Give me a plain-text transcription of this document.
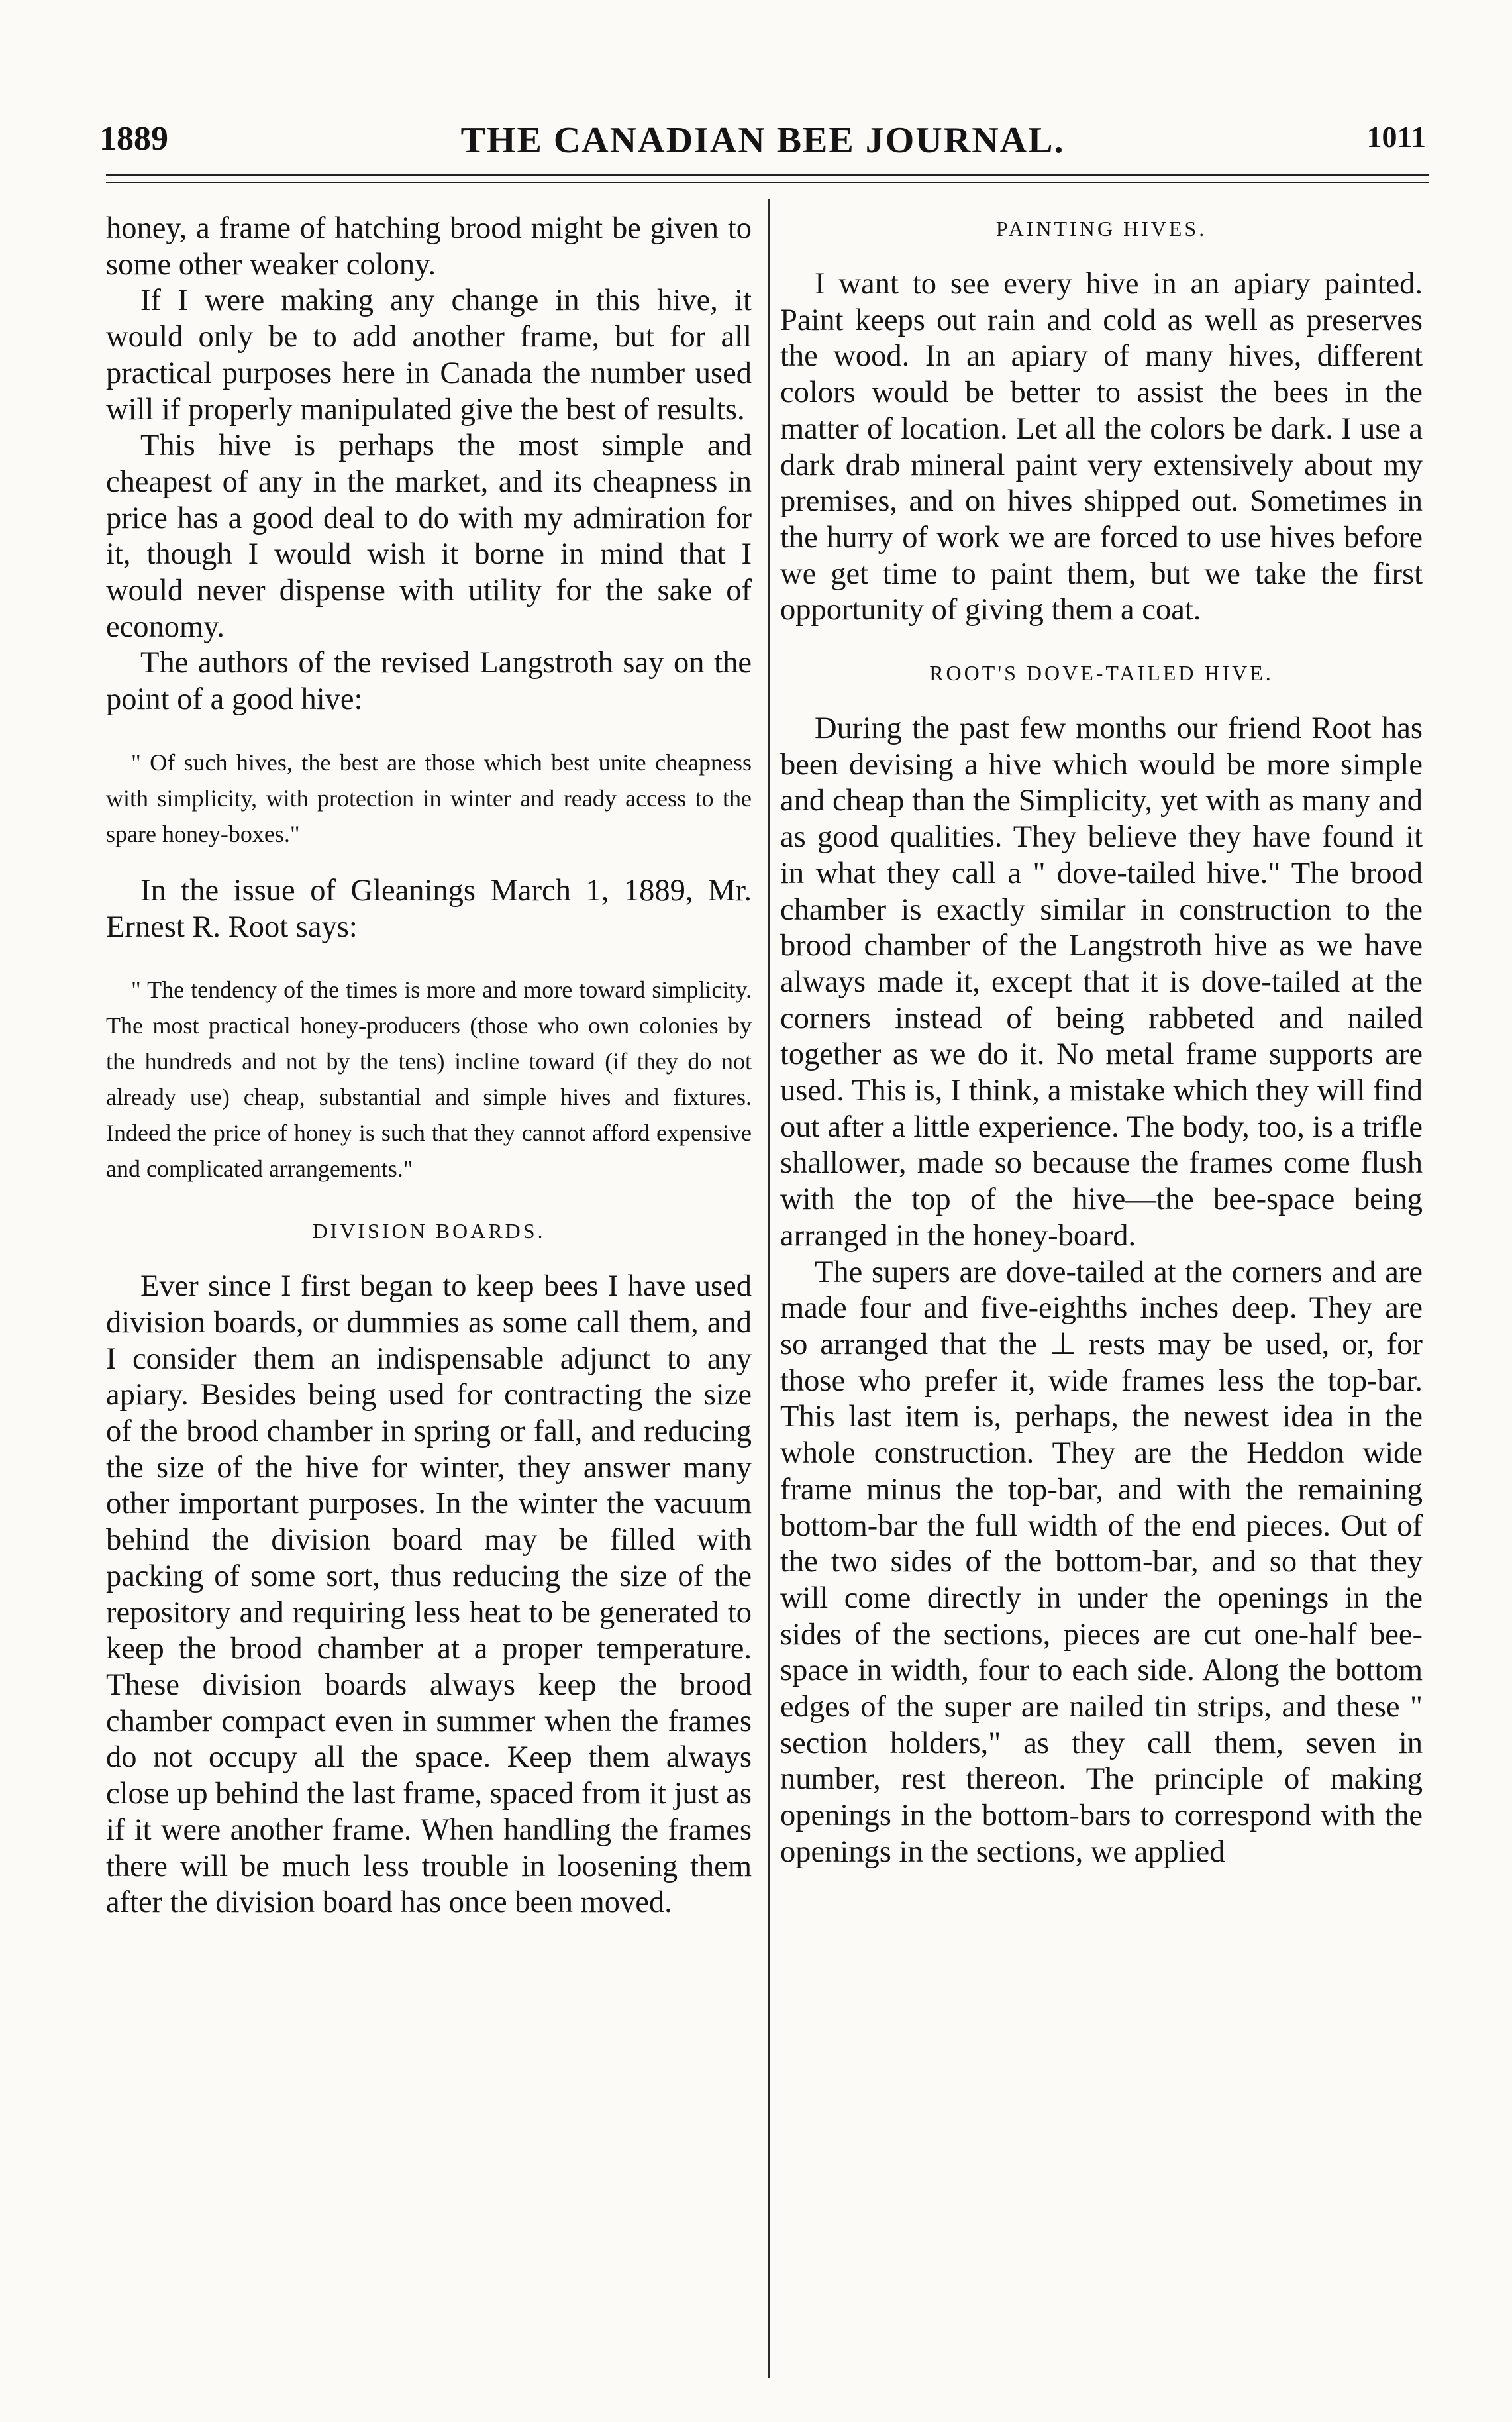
1889	THE CANADIAN BEE JOURNAL.	1011

honey, a frame of hatching brood might be given to some other weaker colony.

If I were making any change in this hive, it would only be to add another frame, but for all practical purposes here in Canada the number used will if properly manipulated give the best of results.

This hive is perhaps the most simple and cheapest of any in the market, and its cheapness in price has a good deal to do with my admiration for it, though I would wish it borne in mind that I would never dispense with utility for the sake of economy.

The authors of the revised Langstroth say on the point of a good hive:

" Of such hives, the best are those which best unite cheapness with simplicity, with protection in winter and ready access to the spare honey-boxes."

In the issue of Gleanings March 1, 1889, Mr. Ernest R. Root says:

" The tendency of the times is more and more toward simplicity. The most practical honey-producers (those who own colonies by the hundreds and not by the tens) incline toward (if they do not already use) cheap, substantial and simple hives and fixtures. Indeed the price of honey is such that they cannot afford expensive and complicated arrangements."

DIVISION BOARDS.

Ever since I first began to keep bees I have used division boards, or dummies as some call them, and I consider them an indispensable adjunct to any apiary. Besides being used for contracting the size of the brood chamber in spring or fall, and reducing the size of the hive for winter, they answer many other important purposes. In the winter the vacuum behind the division board may be filled with packing of some sort, thus reducing the size of the repository and requiring less heat to be generated to keep the brood chamber at a proper temperature. These division boards always keep the brood chamber compact even in summer when the frames do not occupy all the space. Keep them always close up behind the last frame, spaced from it just as if it were another frame. When handling the frames there will be much less trouble in loosening them after the division board has once been moved.

PAINTING HIVES.

I want to see every hive in an apiary painted. Paint keeps out rain and cold as well as preserves the wood. In an apiary of many hives, different colors would be better to assist the bees in the matter of location. Let all the colors be dark. I use a dark drab mineral paint very extensively about my premises, and on hives shipped out. Sometimes in the hurry of work we are forced to use hives before we get time to paint them, but we take the first opportunity of giving them a coat.

ROOT'S DOVE-TAILED HIVE.

During the past few months our friend Root has been devising a hive which would be more simple and cheap than the Simplicity, yet with as many and as good qualities. They believe they have found it in what they call a " dove-tailed hive." The brood chamber is exactly similar in construction to the brood chamber of the Langstroth hive as we have always made it, except that it is dove-tailed at the corners instead of being rabbeted and nailed together as we do it. No metal frame supports are used. This is, I think, a mistake which they will find out after a little experience. The body, too, is a trifle shallower, made so because the frames come flush with the top of the hive—the bee-space being arranged in the honey-board.

The supers are dove-tailed at the corners and are made four and five-eighths inches deep. They are so arranged that the ⊥ rests may be used, or, for those who prefer it, wide frames less the top-bar. This last item is, perhaps, the newest idea in the whole construction. They are the Heddon wide frame minus the top-bar, and with the remaining bottom-bar the full width of the end pieces. Out of the two sides of the bottom-bar, and so that they will come directly in under the openings in the sides of the sections, pieces are cut one-half bee-space in width, four to each side. Along the bottom edges of the super are nailed tin strips, and these " section holders," as they call them, seven in number, rest thereon. The principle of making openings in the bottom-bars to correspond with the openings in the sections, we applied
